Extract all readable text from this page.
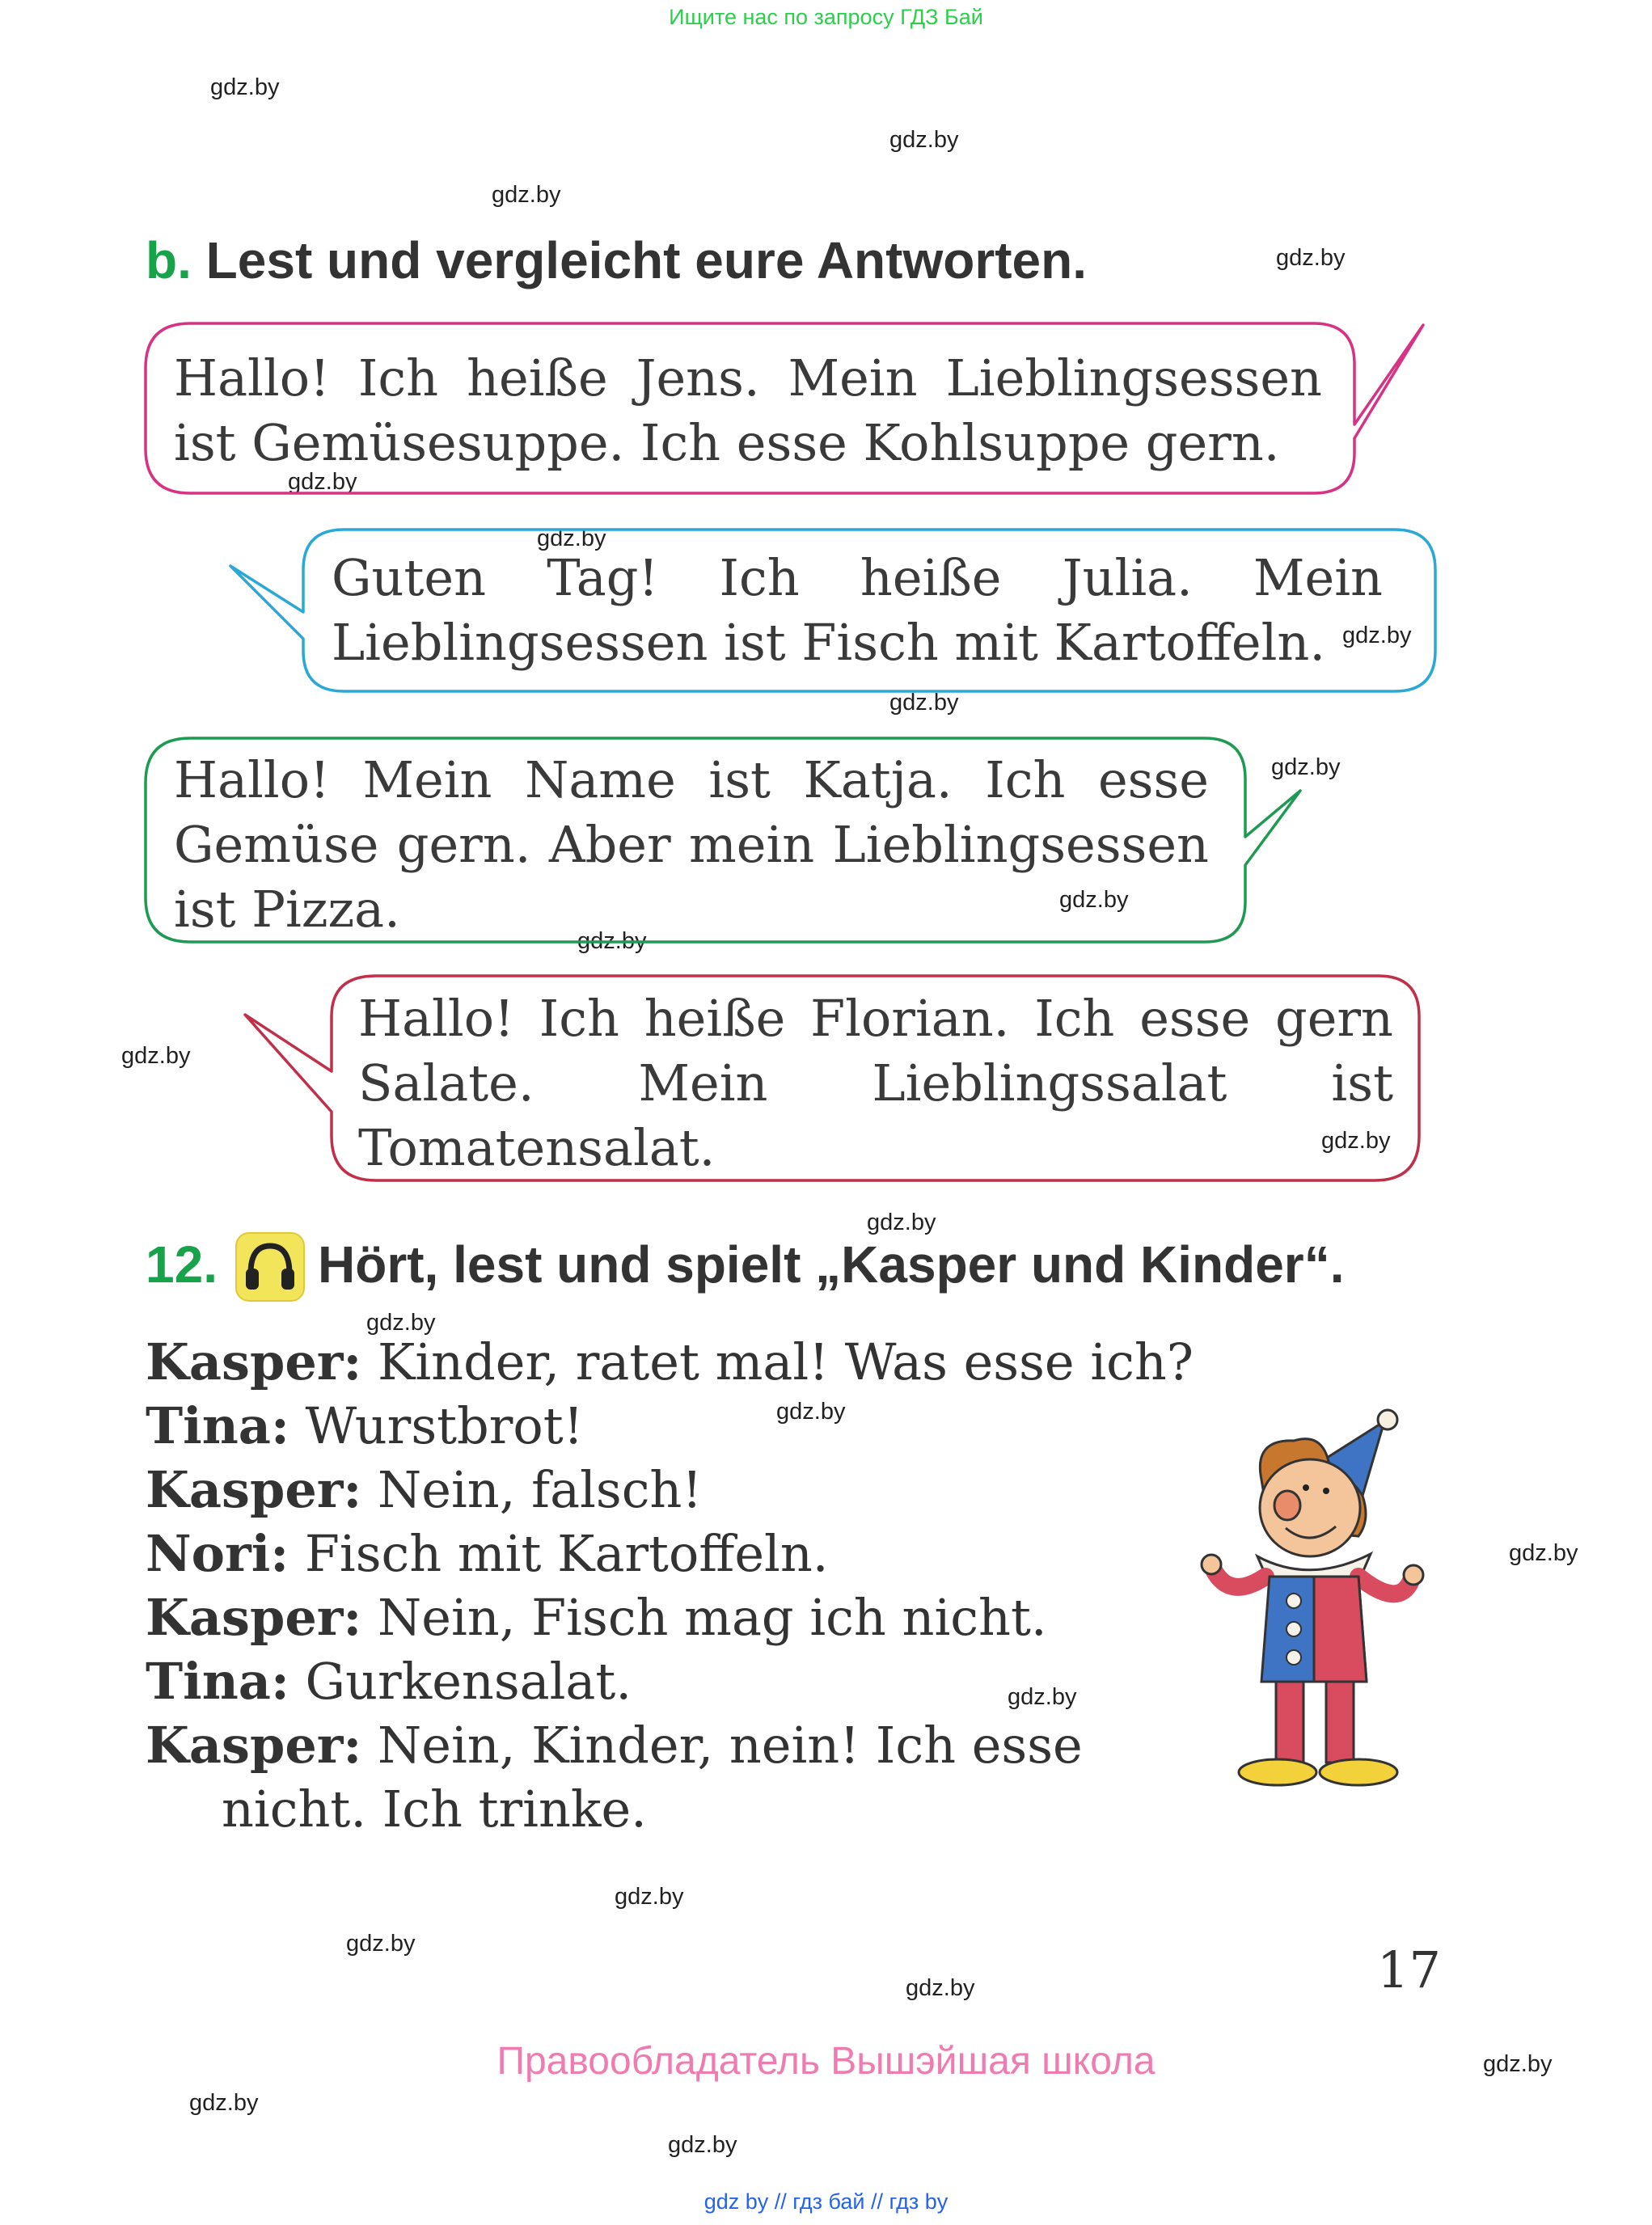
Ищите нас по запросу ГДЗ Бай
gdz.by
gdz.by
gdz.by
gdz.by
gdz.by
gdz.by
gdz.by
gdz.by
gdz.by
gdz.by
gdz.by
gdz.by
gdz.by
gdz.by
gdz.by
gdz.by
gdz.by
gdz.by
gdz.by
gdz.by
gdz.by
gdz.by
gdz.by
gdz.by
b. Lest und vergleicht eure Antworten.
Hallo! Ich heiße Jens. Mein Lieblingsessen ist Gemüsesuppe. Ich esse Kohlsuppe gern.
Guten Tag! Ich heiße Julia. Mein Lieblingsessen ist Fisch mit Kartoffeln.
Hallo! Mein Name ist Katja. Ich esse Gemüse gern. Aber mein Lieblingsessen ist Pizza.
Hallo! Ich heiße Florian. Ich esse gern Salate. Mein Lieblingssalat ist Tomatensalat.
12. Hört, lest und spielt „Kasper und Kinder“.
Kasper: Kinder, ratet mal! Was esse ich?
Tina: Wurstbrot!
Kasper: Nein, falsch!
Nori: Fisch mit Kartoffeln.
Kasper: Nein, Fisch mag ich nicht.
Tina: Gurkensalat.
Kasper: Nein, Kinder, nein! Ich esse
nicht. Ich trinke.
17
Правообладатель Вышэйшая школа
gdz by // гдз бай // гдз by
